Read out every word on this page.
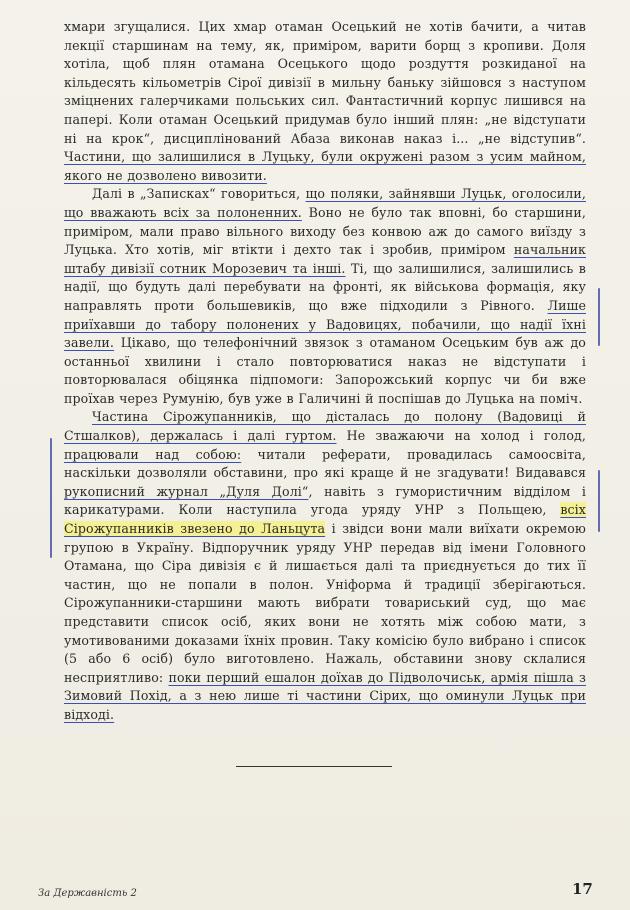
хмари згущалися. Цих хмар отаман Осецький не хотів бачити, а читав лекції старшинам на тему, як, приміром, варити борщ з кропиви. Доля хотіла, щоб плян отамана Осецького щодо роздуття розкиданої на кільдесять кільометрів Сірої дивізії в мильну баньку зійшовся з наступом зміцнених галерчиками польських сил. Фантастичний корпус лишився на папері. Коли отаман Осецький придумав було інший плян: „не відступати ні на крок“, дисциплінований Абаза виконав наказ і... „не відступив“. Частини, що залишилися в Луцьку, були окружені разом з усим майном, якого не дозволено вивозити.

Далі в „Записках“ говориться, що поляки, зайнявши Луцьк, оголосили, що вважають всіх за полоненних. Воно не було так вповні, бо старшини, приміром, мали право вільного виходу без конвою аж до самого виїзду з Луцька. Хто хотів, міг втікти і дехто так і зробив, приміром начальник штабу дивізії сотник Морозевич та інші. Ті, що залишилися, залишились в надії, що будуть далі перебувати на фронті, як військова формація, яку направлять проти большевиків, що вже підходили з Рівного. Лише приїхавши до табору полонених у Вадовицях, побачили, що надії їхні завели. Цікаво, що телефонічний звязок з отаманом Осецьким був аж до останньої хвилини і стало повторюватися наказ не відступати і повторювалася обіцянка підпомоги: Запорожський корпус чи би вже проїхав через Румунію, був уже в Галичині й поспішав до Луцька на поміч.

Частина Сірожупанників, що дісталась до полону (Вадовиці й Стшалков), держалась і далі гуртом. Не зважаючи на холод і голод, працювали над собою: читали реферати, провадилась самоосвіта, наскільки дозволяли обставини, про які краще й не згадувати! Видавався рукописний журнал „Дуля Долі“, навіть з гумористичним відділом і карикатурами. Коли наступила угода уряду УНР з Польщею, всіх Сірожупанників звезено до Ланьцута і звідси вони мали виїхати окремою групою в Україну. Відпоручник уряду УНР передав від імени Головного Отамана, що Сіра дивізія є й лишається далі та приєднується до тих її частин, що не попали в полон. Уніформа й традиції зберігаються. Сірожупанники-старшини мають вибрати товариський суд, що має представити список осіб, яких вони не хотять між собою мати, з умотивованими доказами їхніх провин. Таку комісію було вибрано і список (5 або 6 осіб) було виготовлено. Нажаль, обставини знову склалися несприятливо: поки перший ешалон доїхав до Підволочиськ, армія пішла з Зимовий Похід, а з нею лише ті частини Сірих, що оминули Луцьк при відході.

За Державність 2	17
